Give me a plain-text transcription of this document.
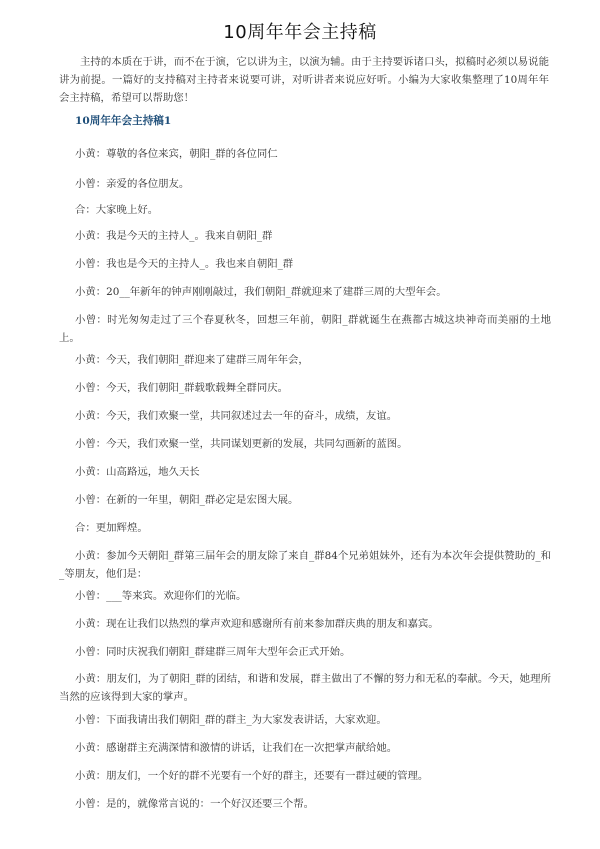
10周年年会主持稿

主持的本质在于讲，而不在于演，它以讲为主，以演为辅。由于主持要诉诸口头，拟稿时必须以易说能讲为前提。一篇好的支持稿对主持者来说要可讲，对听讲者来说应好听。小编为大家收集整理了10周年年会主持稿，希望可以帮助您！

10周年年会主持稿1

小黄：尊敬的各位来宾，朝阳_群的各位同仁

小曾：亲爱的各位朋友。

合：大家晚上好。

小黄：我是今天的主持人_。我来自朝阳_群

小曾：我也是今天的主持人_。我也来自朝阳_群

小黄：20__年新年的钟声刚刚敲过，我们朝阳_群就迎来了建群三周的大型年会。

小曾：时光匆匆走过了三个春夏秋冬，回想三年前，朝阳_群就诞生在燕都古城这块神奇而美丽的土地上。

小黄：今天，我们朝阳_群迎来了建群三周年年会，

小曾：今天，我们朝阳_群载歌载舞全群同庆。

小黄：今天，我们欢聚一堂，共同叙述过去一年的奋斗，成绩，友谊。

小曾：今天，我们欢聚一堂，共同谋划更新的发展，共同勾画新的蓝图。

小黄：山高路远，地久天长

小曾：在新的一年里，朝阳_群必定是宏图大展。

合：更加辉煌。

小黄：参加今天朝阳_群第三届年会的朋友除了来自_群84个兄弟姐妹外，还有为本次年会提供赞助的_和_等朋友，他们是：

小曾：___等来宾。欢迎你们的光临。

小黄：现在让我们以热烈的掌声欢迎和感谢所有前来参加群庆典的朋友和嘉宾。

小曾：同时庆祝我们朝阳_群建群三周年大型年会正式开始。

小黄：朋友们，为了朝阳_群的团结，和谐和发展，群主做出了不懈的努力和无私的奉献。今天，她理所当然的应该得到大家的掌声。

小曾：下面我请出我们朝阳_群的群主_为大家发表讲话，大家欢迎。

小黄：感谢群主充满深情和激情的讲话，让我们在一次把掌声献给她。

小黄：朋友们，一个好的群不光要有一个好的群主，还要有一群过硬的管理。

小曾：是的，就像常言说的：一个好汉还要三个帮。
